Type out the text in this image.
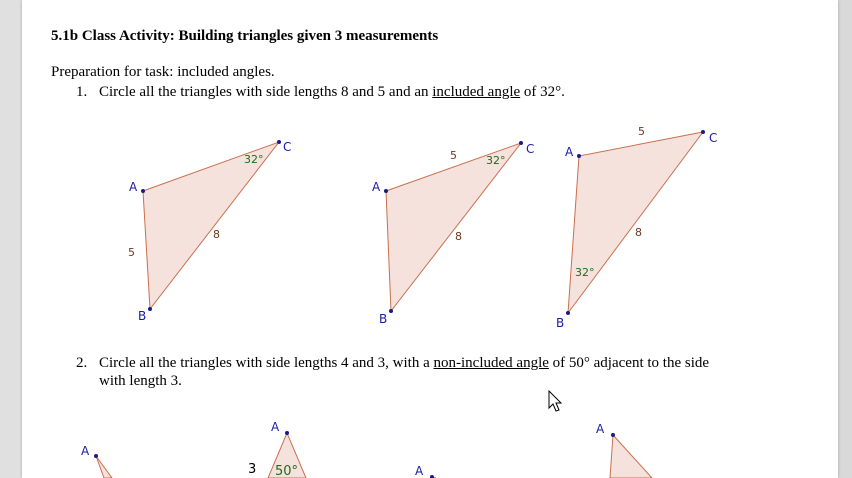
5.1b Class Activity: Building triangles given 3 measurements
Preparation for task: included angles.
1. Circle all the triangles with side lengths 8 and 5 and an included angle of 32°.
2. Circle all the triangles with side lengths 4 and 3, with a non-included angle of 50° adjacent to the side
with length 3.
A
B
C
5
8
32°
A
B
C
5
8
32°
A
B
C
5
8
32°
A
A
3 50°	A
A
